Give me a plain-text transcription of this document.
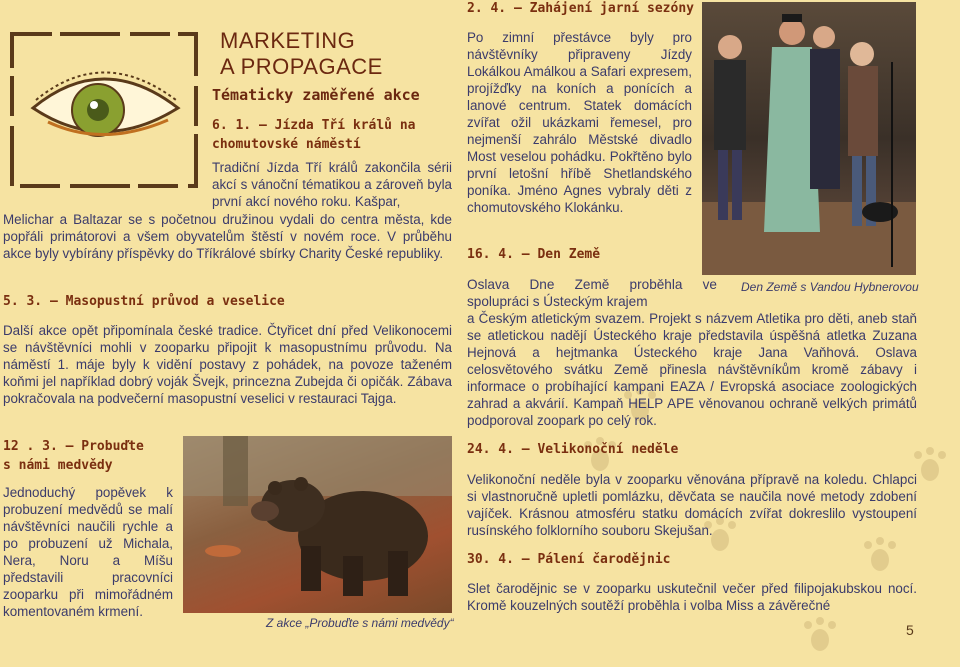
MARKETING
A PROPAGACE
Tématicky zaměřené akce
6. 1. – Jízda Tří králů na
chomutovské náměstí
Tradiční Jízda Tří králů zakončila sérii akcí s vánoční tématikou a zároveň byla první akcí nového roku. Kašpar,
Melichar a Baltazar se s početnou družinou vydali do centra města, kde popřáli primátorovi a všem obyvatelům štěstí v novém roce. V průběhu akce byly vybírány příspěvky do Tříkrálové sbírky Charity České republiky.
5. 3. – Masopustní průvod a veselice
Další akce opět připomínala české tradice. Čtyřicet dní před Velikonocemi se návštěvníci mohli v zooparku připojit k masopustnímu průvodu. Na náměstí 1. máje byly k vidění postavy z pohádek, na povoze taženém koňmi jel například dobrý voják Švejk, princezna Zubejda či opičák. Zábava pokračovala na podvečerní masopustní veselici v restauraci Tajga.
12 . 3. – Probuďte
s námi medvědy
Jednoduchý popěvek k probuzení medvědů se malí návštěvníci naučili rychle a po probuzení už Michala, Nera, Noru a Míšu představili pracovníci zooparku při mimořádném komentovaném krmení.
Z akce „Probuďte s námi medvědy“
2. 4. – Zahájení jarní sezóny
Po zimní přestávce byly pro návštěvníky připraveny Jízdy Lokálkou Amálkou a Safari expresem, projížďky na koních a ponících a lanové centrum. Statek domácích zvířat ožil ukázkami řemesel, pro nejmenší zahrálo Městské divadlo Most veselou pohádku. Pokřtěno bylo první letošní hříbě Shetlandského poníka. Jméno Agnes vybraly děti z chomutovského Klokánku.
16. 4. – Den Země
Oslava Dne Země proběhla ve spolupráci s Ústeckým krajem
Den Země s Vandou Hybnerovou
a Českým atletickým svazem. Projekt s názvem Atletika pro děti, aneb staň se atletickou nadějí Ústeckého kraje představila úspěšná atletka Zuzana Hejnová a hejtmanka Ústeckého kraje Jana Vaňhová. Oslava celosvětového svátku Země přinesla návštěvníkům kromě zábavy i informace o probíhající kampani EAZA / Evropská asociace zoologických zahrad a akvárií. Kampaň HELP APE věnovanou ochraně velkých primátů podporoval zoopark po celý rok.
24. 4. – Velikonoční neděle
Velikonoční neděle byla v zooparku věnována přípravě na koledu. Chlapci si vlastnoručně upletli pomlázku, děvčata se naučila nové metody zdobení vajíček. Krásnou atmosféru statku domácích zvířat dokreslilo vystoupení rusínského folklorního souboru Skejušan.
30. 4. – Pálení čarodějnic
Slet čarodějnic se v zooparku uskutečnil večer před filipojakubskou nocí. Kromě kouzelných soutěží proběhla i volba Miss a závěrečné
5
